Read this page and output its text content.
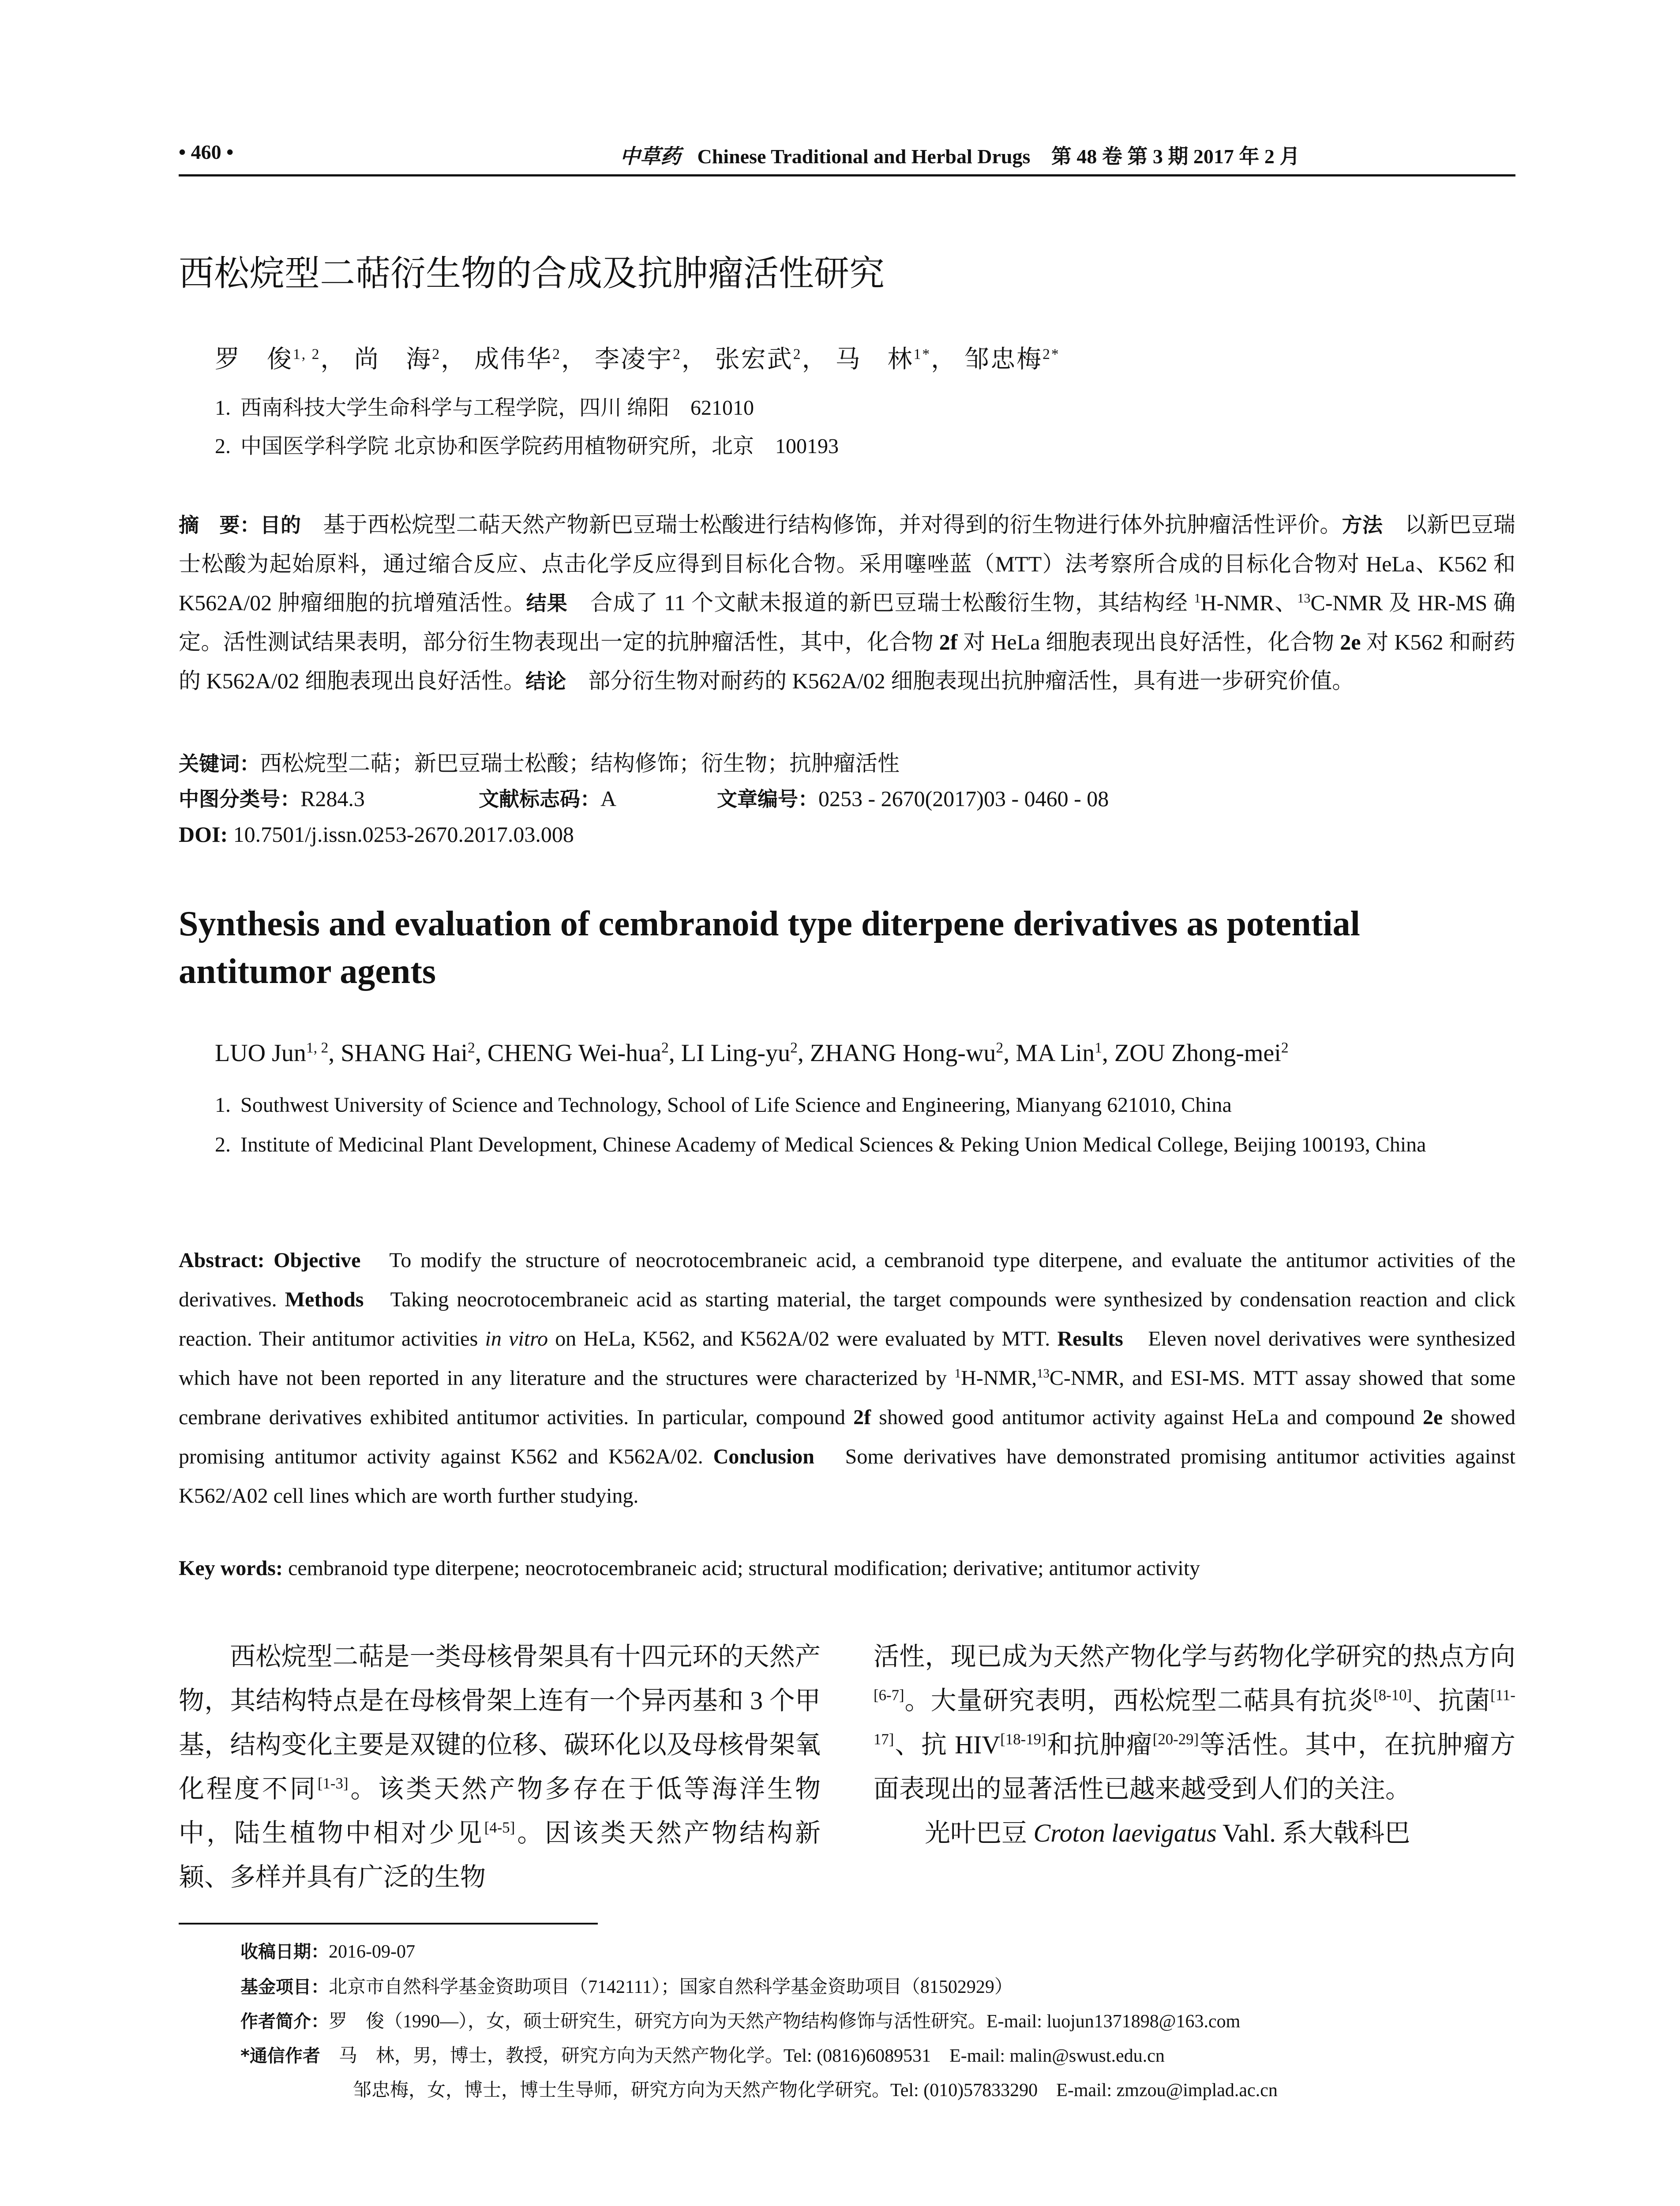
• 460 •	中草药 Chinese Traditional and Herbal Drugs 第 48 卷 第 3 期 2017 年 2 月
西松烷型二萜衍生物的合成及抗肿瘤活性研究
罗　俊$^{1, 2}$， 尚　海$^2$， 成伟华$^2$， 李凌宇$^2$， 张宏武$^2$， 马　林$^{1*}$， 邹忠梅$^{2*}$
1. 西南科技大学生命科学与工程学院，四川 绵阳　621010
2. 中国医学科学院 北京协和医学院药用植物研究所，北京　100193
摘　要：目的　基于西松烷型二萜天然产物新巴豆瑞士松酸进行结构修饰，并对得到的衍生物进行体外抗肿瘤活性评价。方法　以新巴豆瑞士松酸为起始原料，通过缩合反应、点击化学反应得到目标化合物。采用噻唑蓝（MTT）法考察所合成的目标化合物对 HeLa、K562 和 K562A/02 肿瘤细胞的抗增殖活性。结果　合成了 11 个文献未报道的新巴豆瑞士松酸衍生物，其结构经 $^1$H-NMR、$^{13}$C-NMR 及 HR-MS 确定。活性测试结果表明，部分衍生物表现出一定的抗肿瘤活性，其中，化合物 2f 对 HeLa 细胞表现出良好活性，化合物 2e 对 K562 和耐药的 K562A/02 细胞表现出良好活性。结论　部分衍生物对耐药的 K562A/02 细胞表现出抗肿瘤活性，具有进一步研究价值。
关键词：西松烷型二萜；新巴豆瑞士松酸；结构修饰；衍生物；抗肿瘤活性
中图分类号：R284.3	文献标志码：A	文章编号：0253 - 2670(2017)03 - 0460 - 08
DOI: 10.7501/j.issn.0253-2670.2017.03.008
Synthesis and evaluation of cembranoid type diterpene derivatives as potential antitumor agents
LUO Jun$^{1, 2}$, SHANG Hai$^2$, CHENG Wei-hua$^2$, LI Ling-$yu^2$, ZHANG Hong-$wu^2$, MA Lin$^1$, ZOU Zhong-mei$^2$
1. Southwest University of Science and Technology, School of Life Science and Engineering, Mianyang 621010, China
2. Institute of Medicinal Plant Development, Chinese Academy of Medical Sciences & Peking Union Medical College, Beijing 100193, China
Abstract: Objective　To modify the structure of neocrotocembraneic acid, a cembranoid type diterpene, and evaluate the antitumor activities of the derivatives. Methods　Taking neocrotocembraneic acid as starting material, the target compounds were synthesized by condensation reaction and click reaction. Their antitumor activities in vitro on HeLa, K562, and K562A/02 were evaluated by MTT. Results　Eleven novel derivatives were synthesized which have not been reported in any literature and the structures were characterized by $^1$H-NMR,$^{13}$C-NMR, and ESI-MS. MTT assay showed that some cembrane derivatives exhibited antitumor activities. In particular, compound 2f showed good antitumor activity against HeLa and compound 2e showed promising antitumor activity against K562 and K562A/02. Conclusion　Some derivatives have demonstrated promising antitumor activities against K562/A02 cell lines which are worth further studying.
Key words: cembranoid type diterpene; neocrotocembraneic acid; structural modification; derivative; antitumor activity

西松烷型二萜是一类母核骨架具有十四元环的天然产物，其结构特点是在母核骨架上连有一个异丙基和 3 个甲基，结构变化主要是双键的位移、碳环化以及母核骨架氧化程度不同[1-3]。该类天然产物多存在于低等海洋生物中，陆生植物中相对少见[4-5]。因该类天然产物结构新颖、多样并具有广泛的生物

活性，现已成为天然产物化学与药物化学研究的热点方向[6-7]。大量研究表明，西松烷型二萜具有抗炎[8-10]、抗菌[11-17]、抗 HIV[18-19]和抗肿瘤[20-29]等活性。其中，在抗肿瘤方面表现出的显著活性已越来越受到人们的关注。

光叶巴豆 Croton laevigatus Vahl. 系大戟科巴

收稿日期：2016-09-07
基金项目：北京市自然科学基金资助项目（7142111）；国家自然科学基金资助项目（81502929）
作者简介：罗　俊（1990—），女，硕士研究生，研究方向为天然产物结构修饰与活性研究。E-mail: luojun1371898@163.com
*通信作者　马　林，男，博士，教授，研究方向为天然产物化学。Tel: (0816)6089531　E-mail: malin@swust.edu.cn
邹忠梅，女，博士，博士生导师，研究方向为天然产物化学研究。Tel: (010)57833290　E-mail: zmzou@implad.ac.cn
